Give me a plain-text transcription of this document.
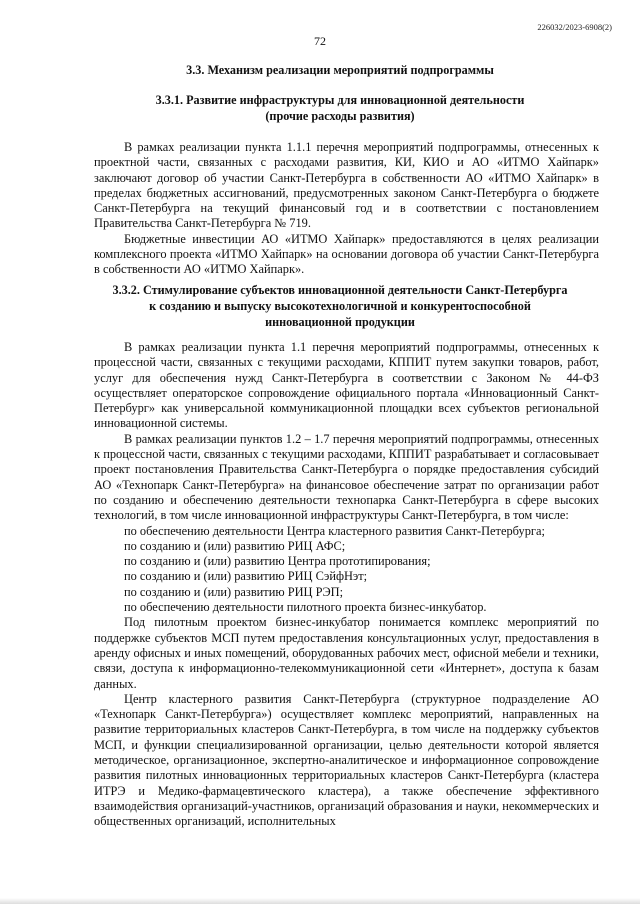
226032/2023-6908(2)
72
3.3. Механизм реализации мероприятий подпрограммы
3.3.1. Развитие инфраструктуры для инновационной деятельности
(прочие расходы развития)

В рамках реализации пункта 1.1.1 перечня мероприятий подпрограммы, отнесенных к проектной части, связанных с расходами развития, КИ, КИО и АО «ИТМО Хайпарк» заключают договор об участии Санкт-Петербурга в собственности АО «ИТМО Хайпарк» в пределах бюджетных ассигнований, предусмотренных законом Санкт-Петербурга о бюджете Санкт-Петербурга на текущий финансовый год и в соответствии с постановлением Правительства Санкт-Петербурга № 719.

Бюджетные инвестиции АО «ИТМО Хайпарк» предоставляются в целях реализации комплексного проекта «ИТМО Хайпарк» на основании договора об участии Санкт-Петербурга в собственности АО «ИТМО Хайпарк».

3.3.2. Стимулирование субъектов инновационной деятельности Санкт-Петербурга
к созданию и выпуску высокотехнологичной и конкурентоспособной
инновационной продукции

В рамках реализации пункта 1.1 перечня мероприятий подпрограммы, отнесенных к процессной части, связанных с текущими расходами, КППИТ путем закупки товаров, работ, услуг для обеспечения нужд Санкт-Петербурга в соответствии с Законом № 44-ФЗ осуществляет операторское сопровождение официального портала «Инновационный Санкт-Петербург» как универсальной коммуникационной площадки всех субъектов региональной инновационной системы.

В рамках реализации пунктов 1.2 – 1.7 перечня мероприятий подпрограммы, отнесенных к процессной части, связанных с текущими расходами, КППИТ разрабатывает и согласовывает проект постановления Правительства Санкт-Петербурга о порядке предоставления субсидий АО «Технопарк Санкт-Петербурга» на финансовое обеспечение затрат по организации работ по созданию и обеспечению деятельности технопарка Санкт-Петербурга в сфере высоких технологий, в том числе инновационной инфраструктуры Санкт-Петербурга, в том числе:

по обеспечению деятельности Центра кластерного развития Санкт-Петербурга;
по созданию и (или) развитию РИЦ АФС;
по созданию и (или) развитию Центра прототипирования;
по созданию и (или) развитию РИЦ СэйфНэт;
по созданию и (или) развитию РИЦ РЭП;
по обеспечению деятельности пилотного проекта бизнес-инкубатор.

Под пилотным проектом бизнес-инкубатор понимается комплекс мероприятий по поддержке субъектов МСП путем предоставления консультационных услуг, предоставления в аренду офисных и иных помещений, оборудованных рабочих мест, офисной мебели и техники, связи, доступа к информационно-телекоммуникационной сети «Интернет», доступа к базам данных.

Центр кластерного развития Санкт-Петербурга (структурное подразделение АО «Технопарк Санкт-Петербурга») осуществляет комплекс мероприятий, направленных на развитие территориальных кластеров Санкт-Петербурга, в том числе на поддержку субъектов МСП, и функции специализированной организации, целью деятельности которой является методическое, организационное, экспертно-аналитическое и информационное сопровождение развития пилотных инновационных территориальных кластеров Санкт-Петербурга (кластера ИТРЭ и Медико-фармацевтического кластера), а также обеспечение эффективного взаимодействия организаций-участников, организаций образования и науки, некоммерческих и общественных организаций, исполнительных
